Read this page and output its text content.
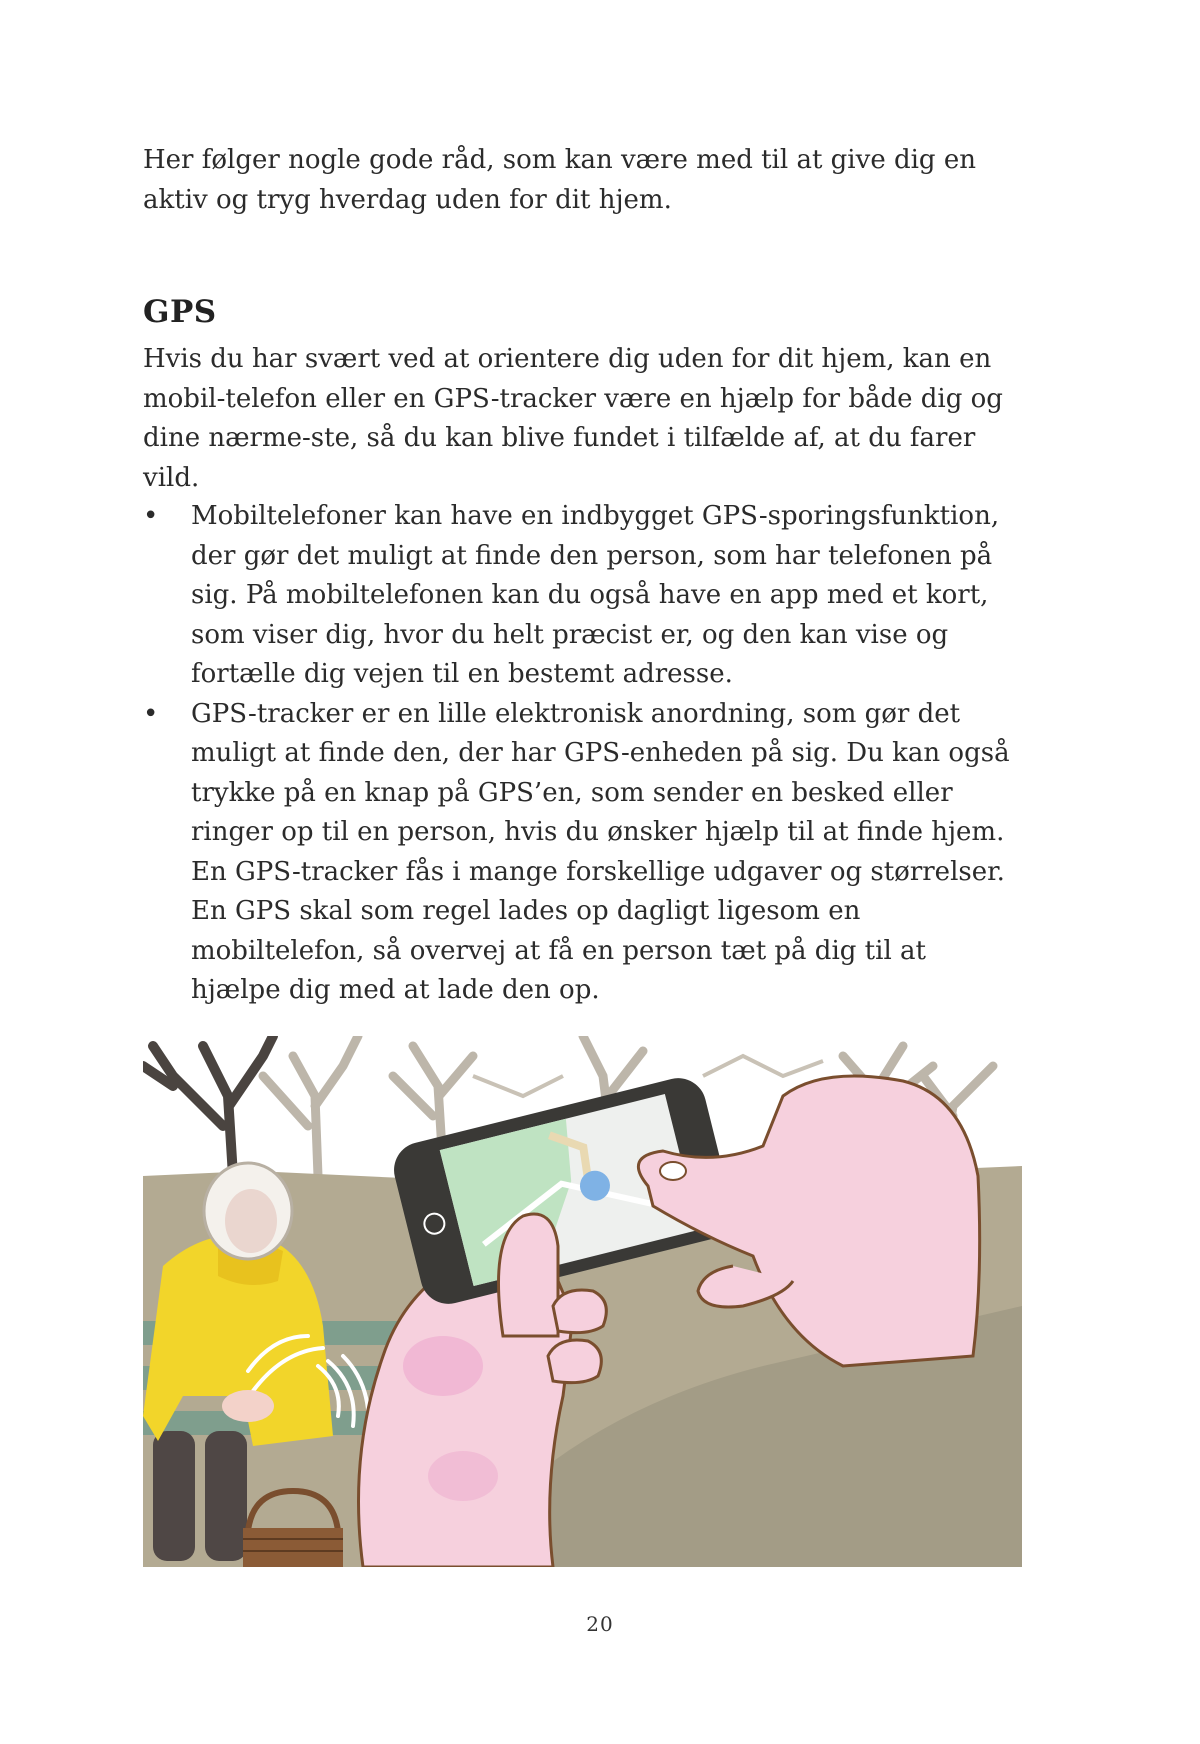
Her følger nogle gode råd, som kan være med til at give dig en aktiv og tryg hverdag uden for dit hjem.
GPS
Hvis du har svært ved at orientere dig uden for dit hjem, kan en mobil-telefon eller en GPS-tracker være en hjælp for både dig og dine nærme-ste, så du kan blive fundet i tilfælde af, at du farer vild.
• Mobiltelefoner kan have en indbygget GPS-sporingsfunktion, der gør det muligt at finde den person, som har telefonen på sig. På mobiltelefonen kan du også have en app med et kort, som viser dig, hvor du helt præcist er, og den kan vise og fortælle dig vejen til en bestemt adresse.
• GPS-tracker er en lille elektronisk anordning, som gør det muligt at finde den, der har GPS-enheden på sig. Du kan også trykke på en knap på GPS’en, som sender en besked eller ringer op til en person, hvis du ønsker hjælp til at finde hjem. En GPS-tracker fås i mange forskellige udgaver og størrelser. En GPS skal som regel lades op dagligt ligesom en mobiltelefon, så overvej at få en person tæt på dig til at hjælpe dig med at lade den op.
20
